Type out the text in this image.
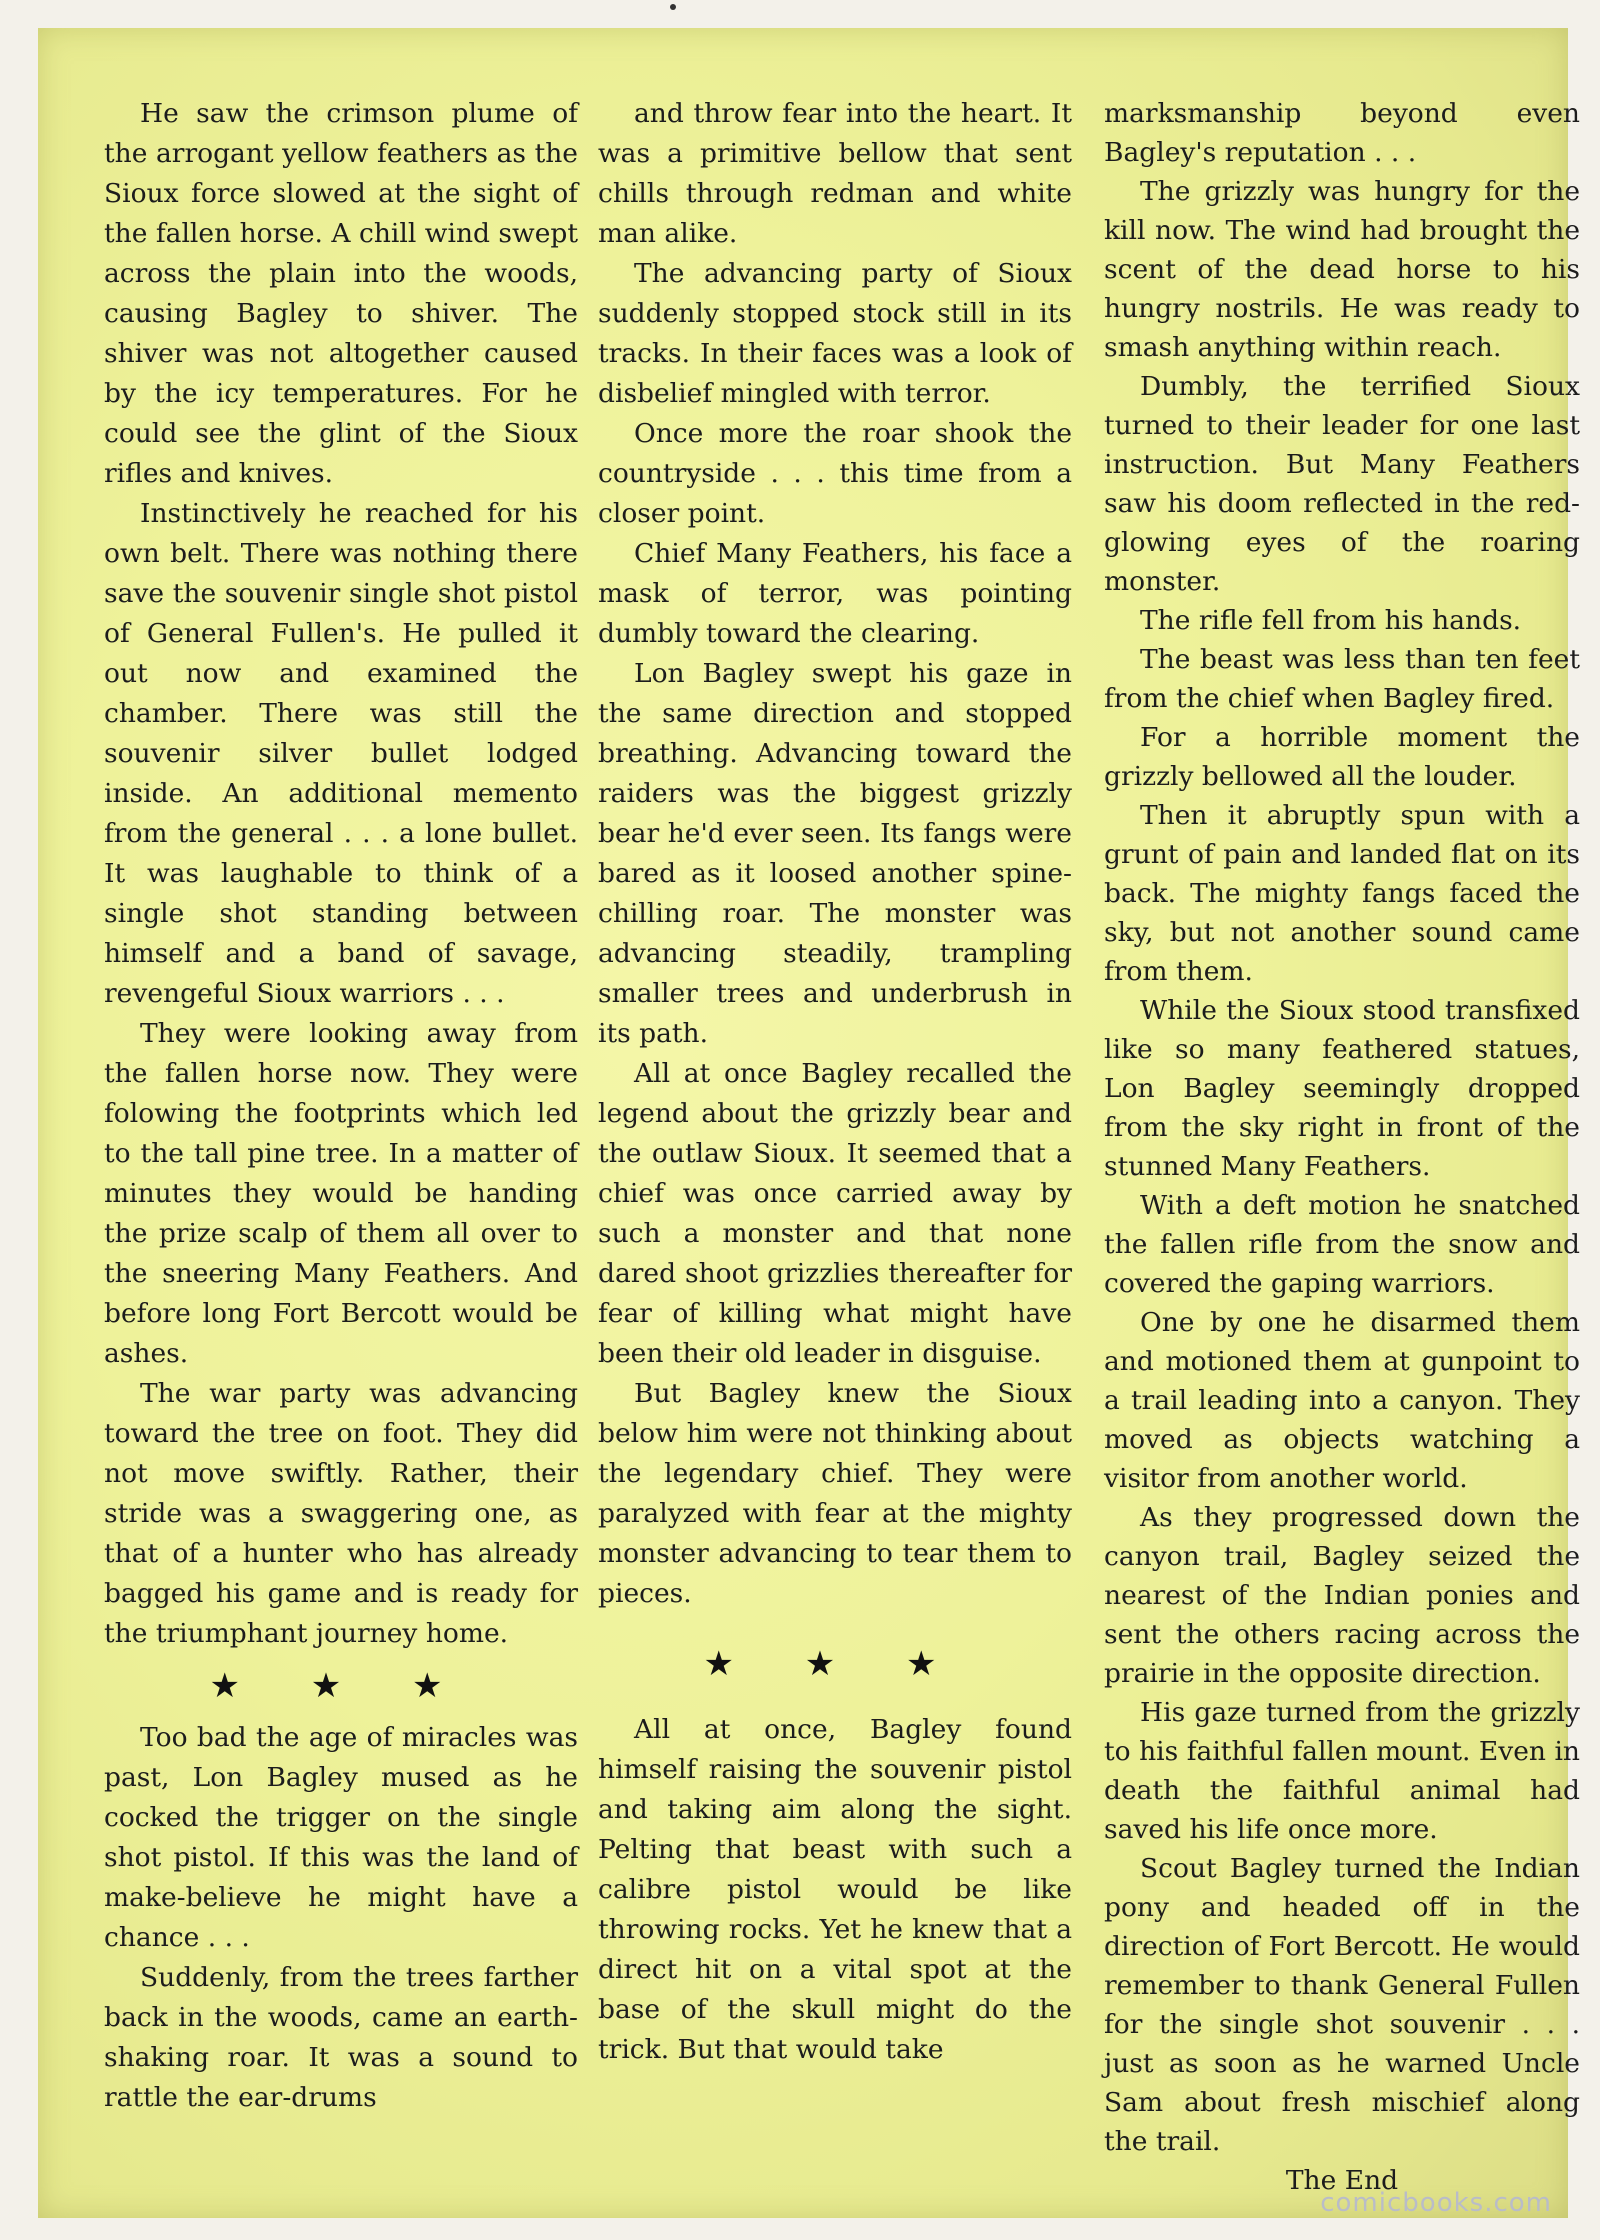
He saw the crimson plume of the arrogant yellow feathers as the Sioux force slowed at the sight of the fallen horse. A chill wind swept across the plain into the woods, causing Bagley to shiver. The shiver was not altogether caused by the icy temperatures. For he could see the glint of the Sioux rifles and knives.

Instinctively he reached for his own belt. There was nothing there save the souvenir single shot pistol of General Fullen's. He pulled it out now and examined the chamber. There was still the souvenir silver bullet lodged inside. An additional memento from the general . . . a lone bullet. It was laughable to think of a single shot standing between himself and a band of savage, revengeful Sioux warriors . . .

They were looking away from the fallen horse now. They were folowing the footprints which led to the tall pine tree. In a matter of minutes they would be handing the prize scalp of them all over to the sneering Many Feathers. And before long Fort Bercott would be ashes.

The war party was advancing toward the tree on foot. They did not move swiftly. Rather, their stride was a swaggering one, as that of a hunter who has already bagged his game and is ready for the triumphant journey home.

★ ★ ★

Too bad the age of miracles was past, Lon Bagley mused as he cocked the trigger on the single shot pistol. If this was the land of make-believe he might have a chance . . .

Suddenly, from the trees farther back in the woods, came an earth-shaking roar. It was a sound to rattle the ear-drums

and throw fear into the heart. It was a primitive bellow that sent chills through redman and white man alike.

The advancing party of Sioux suddenly stopped stock still in its tracks. In their faces was a look of disbelief mingled with terror.

Once more the roar shook the countryside . . . this time from a closer point.

Chief Many Feathers, his face a mask of terror, was pointing dumbly toward the clearing.

Lon Bagley swept his gaze in the same direction and stopped breathing. Advancing toward the raiders was the biggest grizzly bear he'd ever seen. Its fangs were bared as it loosed another spine-chilling roar. The monster was advancing steadily, trampling smaller trees and underbrush in its path.

All at once Bagley recalled the legend about the grizzly bear and the outlaw Sioux. It seemed that a chief was once carried away by such a monster and that none dared shoot grizzlies thereafter for fear of killing what might have been their old leader in disguise.

But Bagley knew the Sioux below him were not thinking about the legendary chief. They were paralyzed with fear at the mighty monster advancing to tear them to pieces.

★ ★ ★

All at once, Bagley found himself raising the souvenir pistol and taking aim along the sight. Pelting that beast with such a calibre pistol would be like throwing rocks. Yet he knew that a direct hit on a vital spot at the base of the skull might do the trick. But that would take

marksmanship beyond even Bagley's reputation . . .

The grizzly was hungry for the kill now. The wind had brought the scent of the dead horse to his hungry nostrils. He was ready to smash anything within reach.

Dumbly, the terrified Sioux turned to their leader for one last instruction. But Many Feathers saw his doom reflected in the red-glowing eyes of the roaring monster.

The rifle fell from his hands.

The beast was less than ten feet from the chief when Bagley fired.

For a horrible moment the grizzly bellowed all the louder.

Then it abruptly spun with a grunt of pain and landed flat on its back. The mighty fangs faced the sky, but not another sound came from them.

While the Sioux stood transfixed like so many feathered statues, Lon Bagley seemingly dropped from the sky right in front of the stunned Many Feathers.

With a deft motion he snatched the fallen rifle from the snow and covered the gaping warriors.

One by one he disarmed them and motioned them at gunpoint to a trail leading into a canyon. They moved as objects watching a visitor from another world.

As they progressed down the canyon trail, Bagley seized the nearest of the Indian ponies and sent the others racing across the prairie in the opposite direction.

His gaze turned from the grizzly to his faithful fallen mount. Even in death the faithful animal had saved his life once more.

Scout Bagley turned the Indian pony and headed off in the direction of Fort Bercott. He would remember to thank General Fullen for the single shot souvenir . . . just as soon as he warned Uncle Sam about fresh mischief along the trail.

The End

comicbooks.com
